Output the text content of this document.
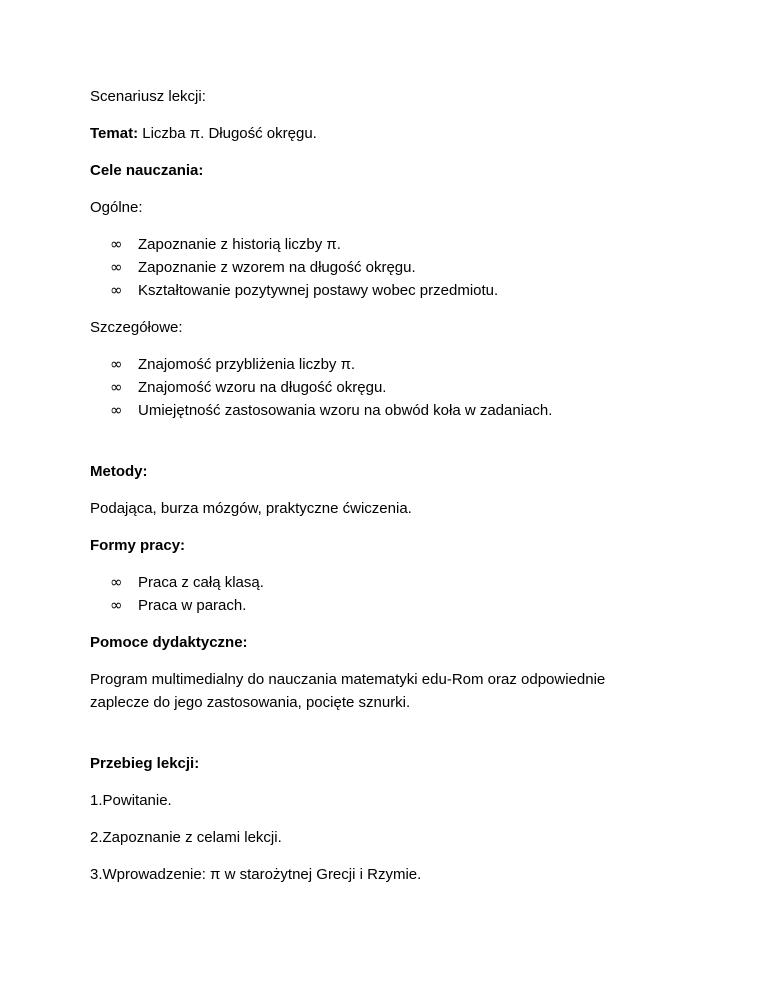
Scenariusz lekcji:

Temat: Liczba π. Długość okręgu.

Cele nauczania:

Ogólne:

∞	Zapoznanie z historią liczby π.
∞	Zapoznanie z wzorem na długość okręgu.
∞	Kształtowanie pozytywnej postawy wobec przedmiotu.

Szczegółowe:

∞	Znajomość przybliżenia liczby π.
∞	Znajomość wzoru na długość okręgu.
∞	Umiejętność zastosowania wzoru na obwód koła w zadaniach.

Metody:

Podająca, burza mózgów, praktyczne ćwiczenia.

Formy pracy:

∞	Praca z całą klasą.
∞	Praca w parach.

Pomoce dydaktyczne:

Program multimedialny do nauczania matematyki edu-Rom oraz odpowiednie
zaplecze do jego zastosowania, pocięte sznurki.

Przebieg lekcji:

1.Powitanie.

2.Zapoznanie z celami lekcji.

3.Wprowadzenie: π w starożytnej Grecji i Rzymie.
